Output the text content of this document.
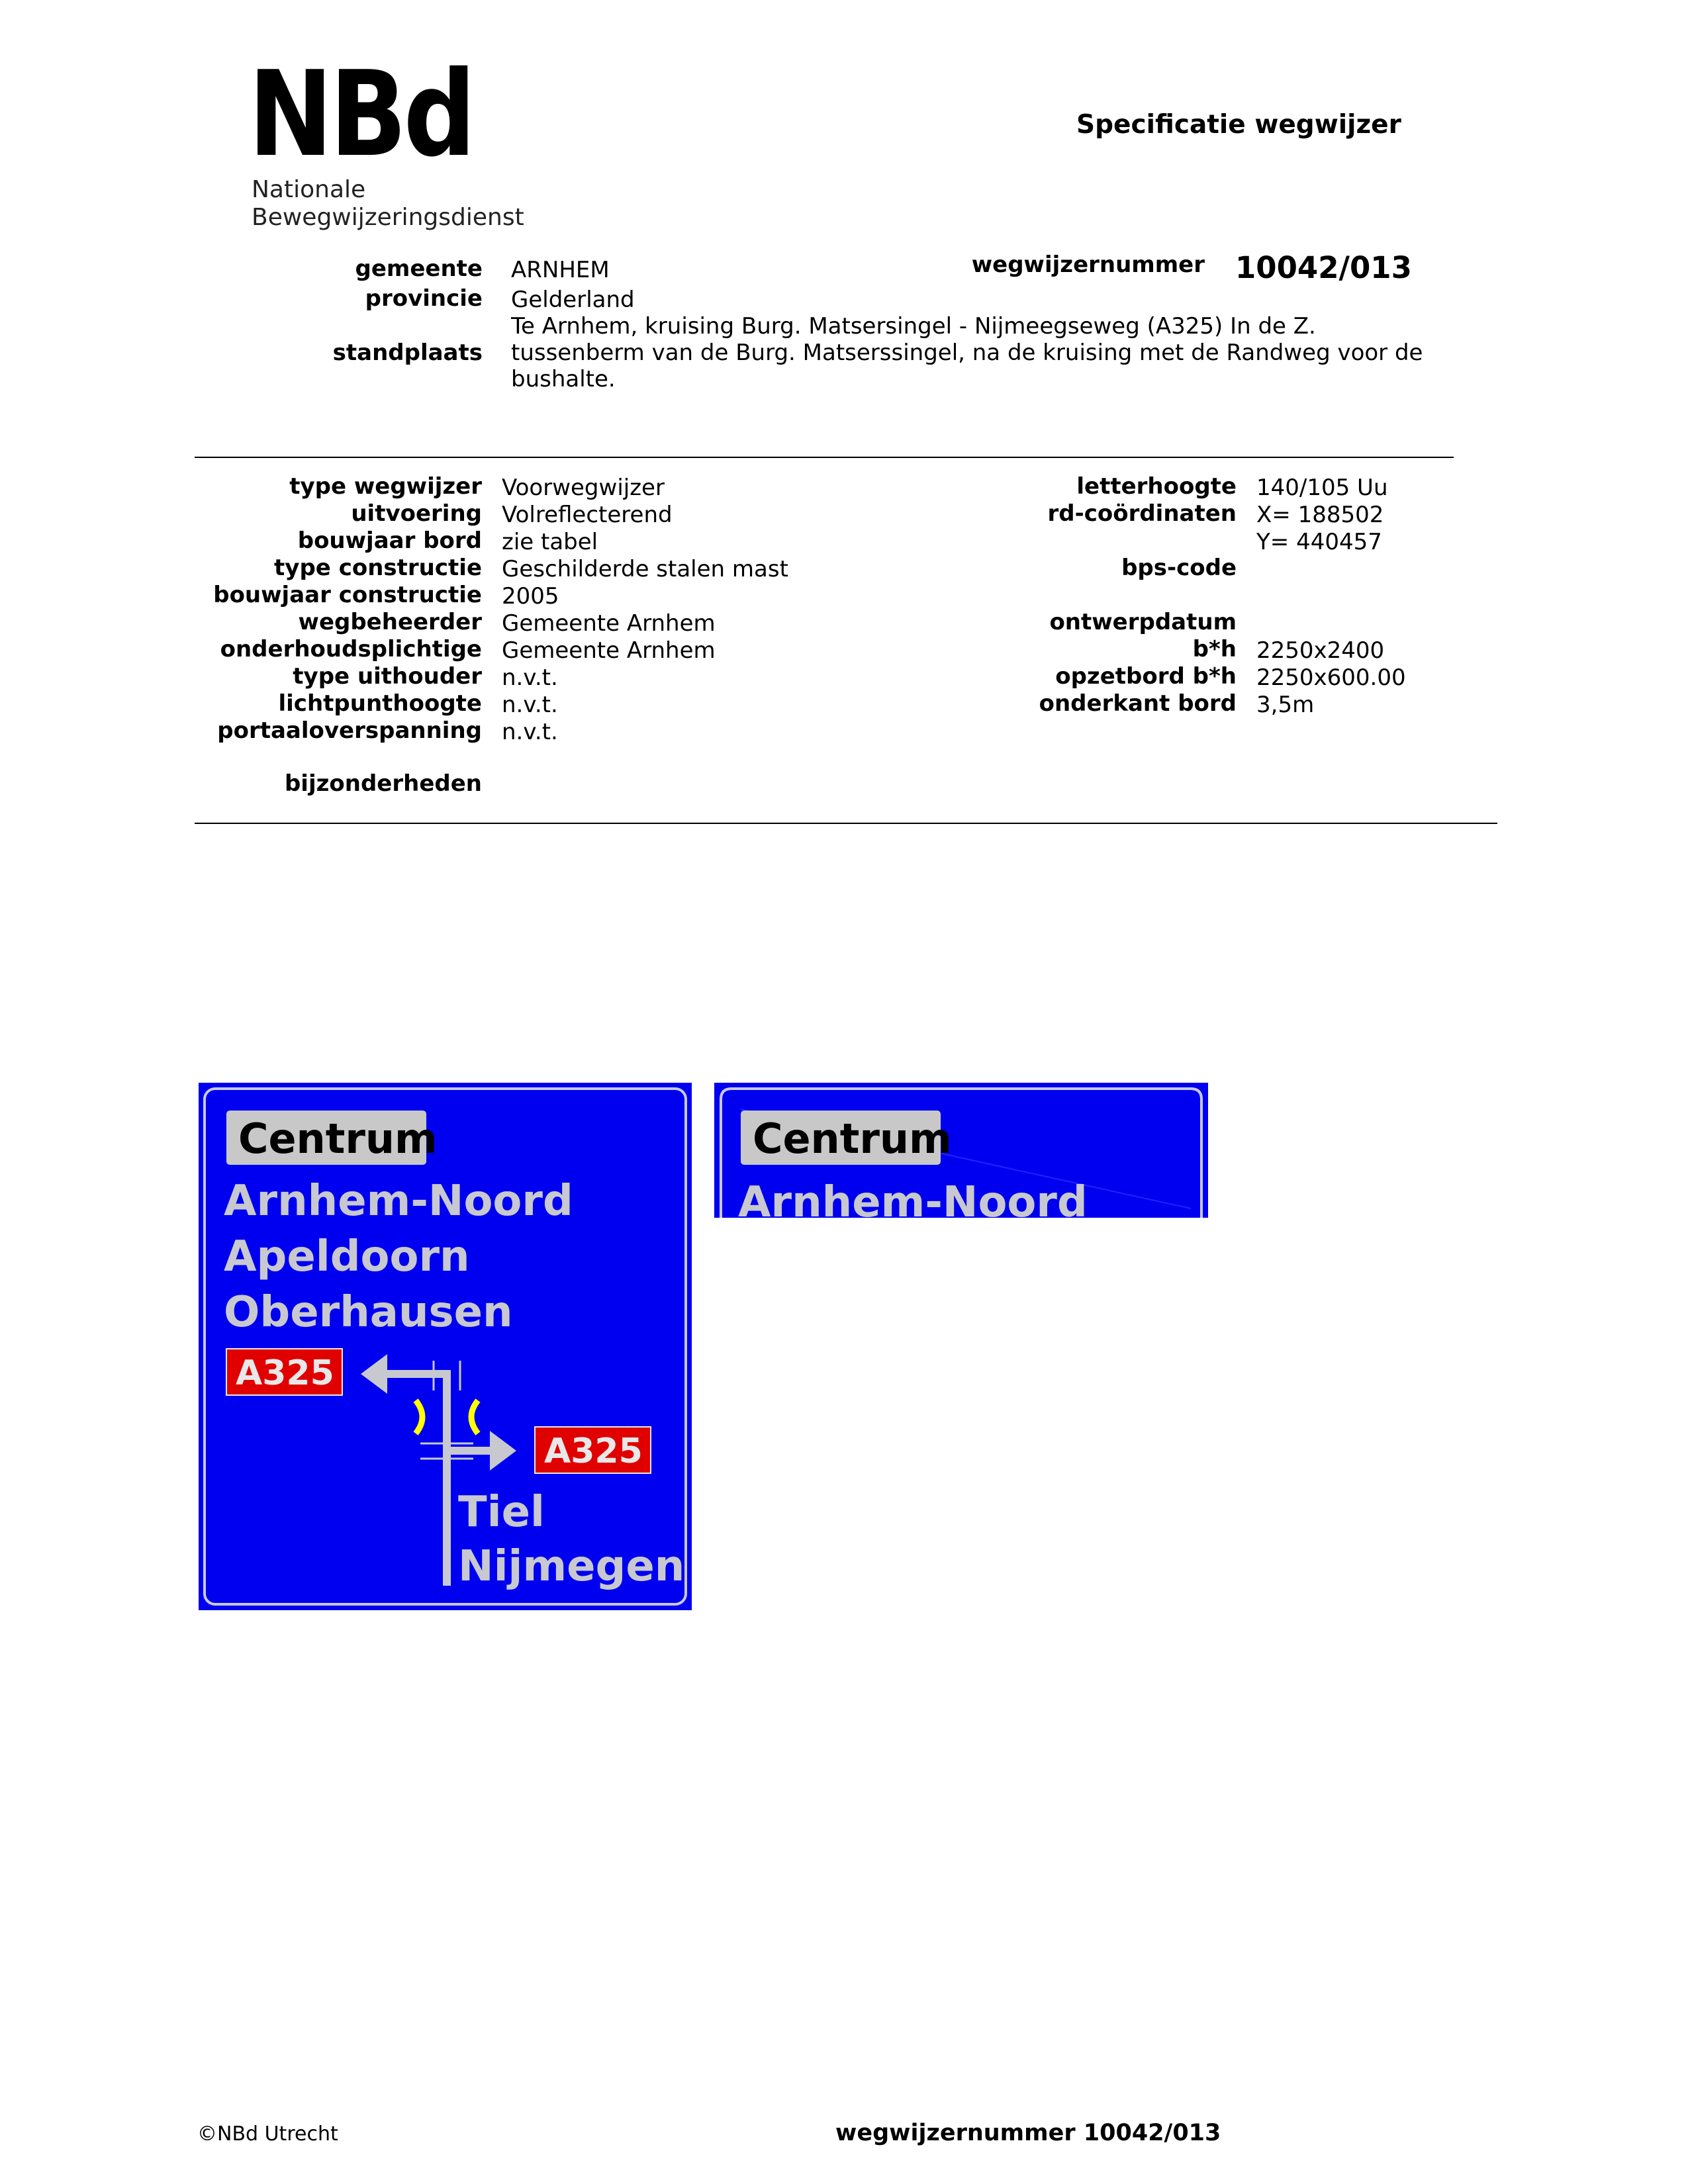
NBd
Nationale
Bewegwijzeringsdienst
Specificatie wegwijzer
gemeente ARNHEM
provincie Gelderland
standplaats
Te Arnhem, kruising Burg. Matsersingel - Nijmeegseweg (A325) In de Z.
tussenberm van de Burg. Matserssingel, na de kruising met de Randweg voor de
bushalte.
wegwijzernummer 10042/013
type wegwijzer Voorwegwijzer
uitvoering Volreflecterend
bouwjaar bord zie tabel
type constructie Geschilderde stalen mast
bouwjaar constructie 2005
wegbeheerder Gemeente Arnhem
onderhoudsplichtige Gemeente Arnhem
type uithouder n.v.t.
lichtpunthoogte n.v.t.
portaaloverspanning n.v.t.
bijzonderheden
letterhoogte 140/105 Uu
rd-coördinaten X= 188502
Y= 440457
bps-code
ontwerpdatum
b*h 2250x2400
opzetbord b*h 2250x600.00
onderkant bord 3,5m
Centrum
Arnhem-Noord
Apeldoorn
Oberhausen
A325
A325
Tiel
Nijmegen
Centrum
Arnhem-Noord
©NBd Utrecht	wegwijzernummer 10042/013
